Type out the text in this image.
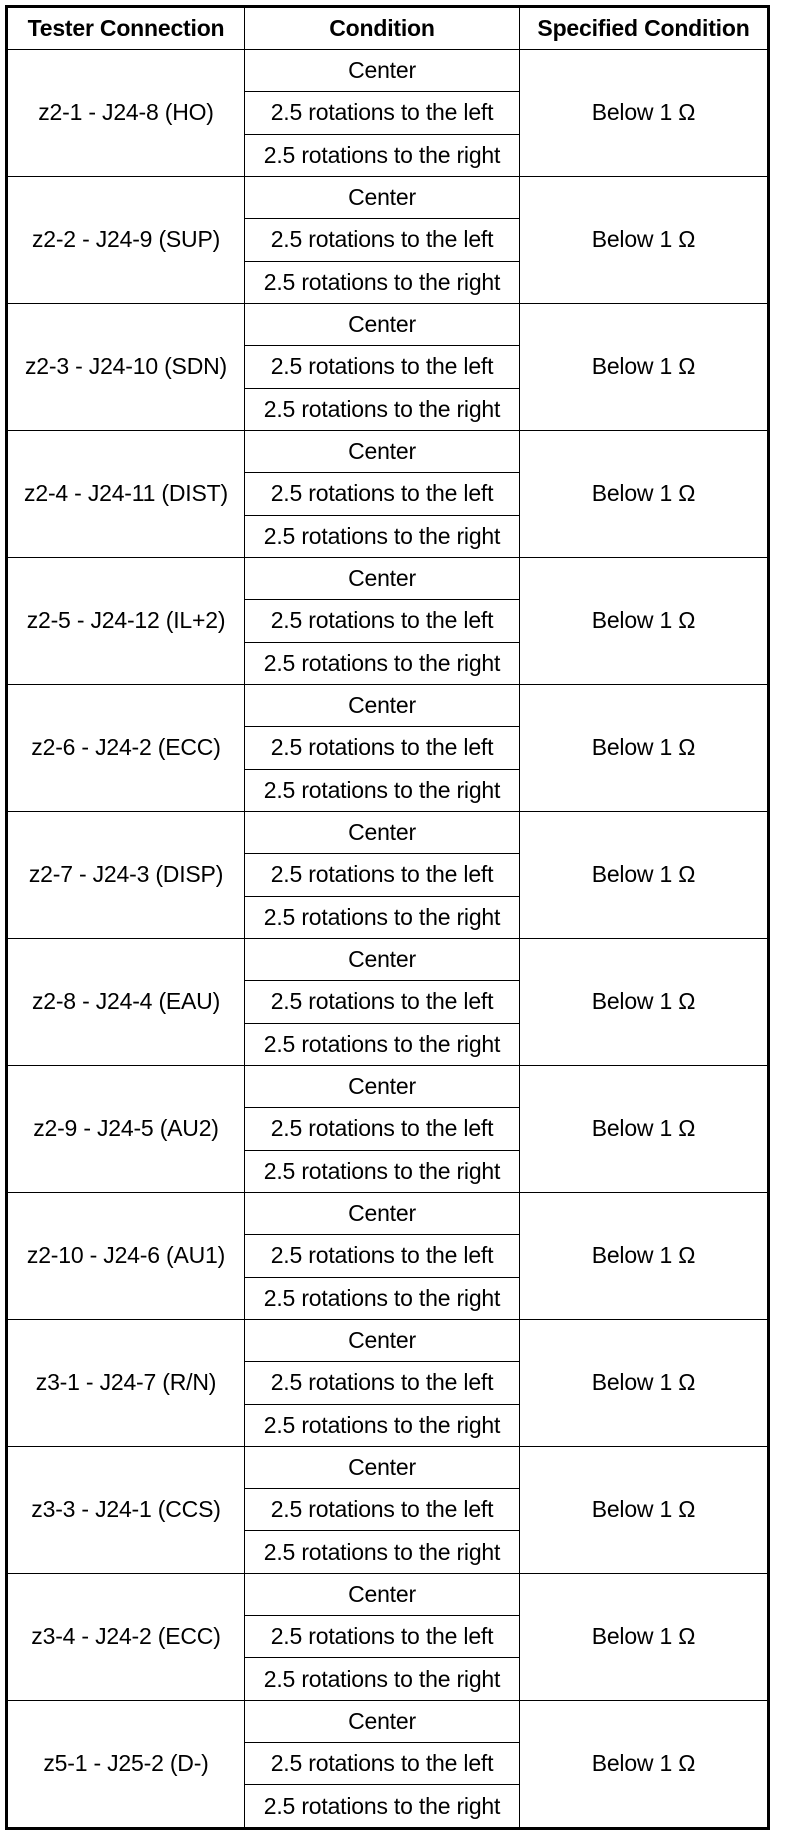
Tester Connection	Condition	Specified Condition
z2-1 - J24-8 (HO)	Center	Below 1 Ω
	2.5 rotations to the left	
	2.5 rotations to the right	
z2-2 - J24-9 (SUP)	Center	Below 1 Ω
	2.5 rotations to the left	
	2.5 rotations to the right	
z2-3 - J24-10 (SDN)	Center	Below 1 Ω
	2.5 rotations to the left	
	2.5 rotations to the right	
z2-4 - J24-11 (DIST)	Center	Below 1 Ω
	2.5 rotations to the left	
	2.5 rotations to the right	
z2-5 - J24-12 (IL+2)	Center	Below 1 Ω
	2.5 rotations to the left	
	2.5 rotations to the right	
z2-6 - J24-2 (ECC)	Center	Below 1 Ω
	2.5 rotations to the left	
	2.5 rotations to the right	
z2-7 - J24-3 (DISP)	Center	Below 1 Ω
	2.5 rotations to the left	
	2.5 rotations to the right	
z2-8 - J24-4 (EAU)	Center	Below 1 Ω
	2.5 rotations to the left	
	2.5 rotations to the right	
z2-9 - J24-5 (AU2)	Center	Below 1 Ω
	2.5 rotations to the left	
	2.5 rotations to the right	
z2-10 - J24-6 (AU1)	Center	Below 1 Ω
	2.5 rotations to the left	
	2.5 rotations to the right	
z3-1 - J24-7 (R/N)	Center	Below 1 Ω
	2.5 rotations to the left	
	2.5 rotations to the right	
z3-3 - J24-1 (CCS)	Center	Below 1 Ω
	2.5 rotations to the left	
	2.5 rotations to the right	
z3-4 - J24-2 (ECC)	Center	Below 1 Ω
	2.5 rotations to the left	
	2.5 rotations to the right	
z5-1 - J25-2 (D-)	Center	Below 1 Ω
	2.5 rotations to the left	
	2.5 rotations to the right	
